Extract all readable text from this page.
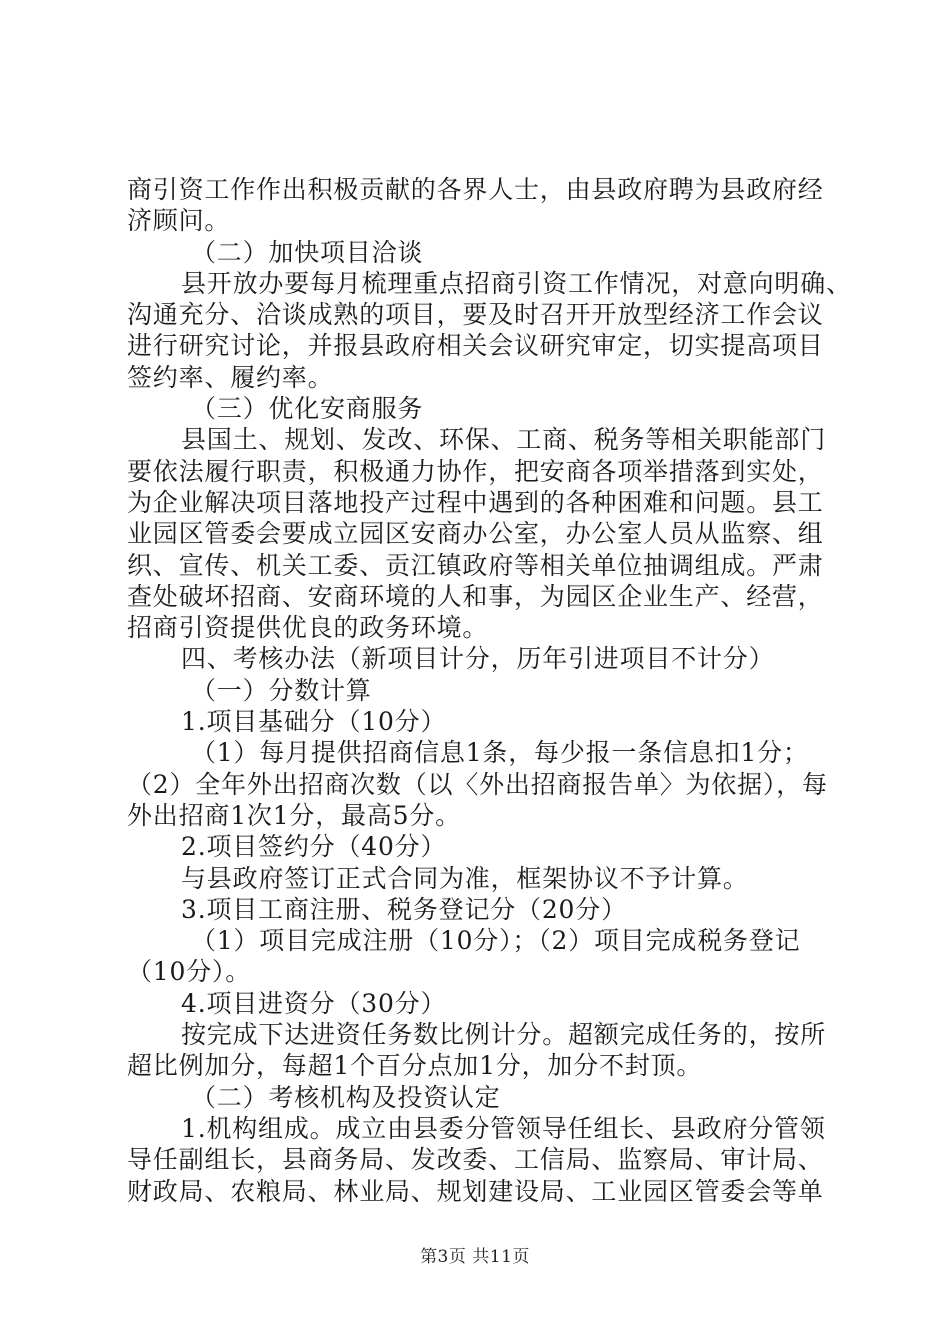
商引资工作作出积极贡献的各界人士，由县政府聘为县政府经
济顾问。
（二）加快项目洽谈
县开放办要每月梳理重点招商引资工作情况，对意向明确、
沟通充分、洽谈成熟的项目，要及时召开开放型经济工作会议
进行研究讨论，并报县政府相关会议研究审定，切实提高项目
签约率、履约率。
（三）优化安商服务
县国土、规划、发改、环保、工商、税务等相关职能部门
要依法履行职责，积极通力协作，把安商各项举措落到实处，
为企业解决项目落地投产过程中遇到的各种困难和问题。县工
业园区管委会要成立园区安商办公室，办公室人员从监察、组
织、宣传、机关工委、贡江镇政府等相关单位抽调组成。严肃
查处破坏招商、安商环境的人和事，为园区企业生产、经营，
招商引资提供优良的政务环境。
四、考核办法（新项目计分，历年引进项目不计分）
（一）分数计算
1.项目基础分（10分）
（1）每月提供招商信息1条，每少报一条信息扣1分；
（2）全年外出招商次数（以〈外出招商报告单〉为依据），每
外出招商1次1分，最高5分。
2.项目签约分（40分）
与县政府签订正式合同为准，框架协议不予计算。
3.项目工商注册、税务登记分（20分）
（1）项目完成注册（10分）；（2）项目完成税务登记
（10分）。
4.项目进资分（30分）
按完成下达进资任务数比例计分。超额完成任务的，按所
超比例加分，每超1个百分点加1分，加分不封顶。
（二）考核机构及投资认定
1.机构组成。成立由县委分管领导任组长、县政府分管领
导任副组长，县商务局、发改委、工信局、监察局、审计局、
财政局、农粮局、林业局、规划建设局、工业园区管委会等单
第3页 共11页
